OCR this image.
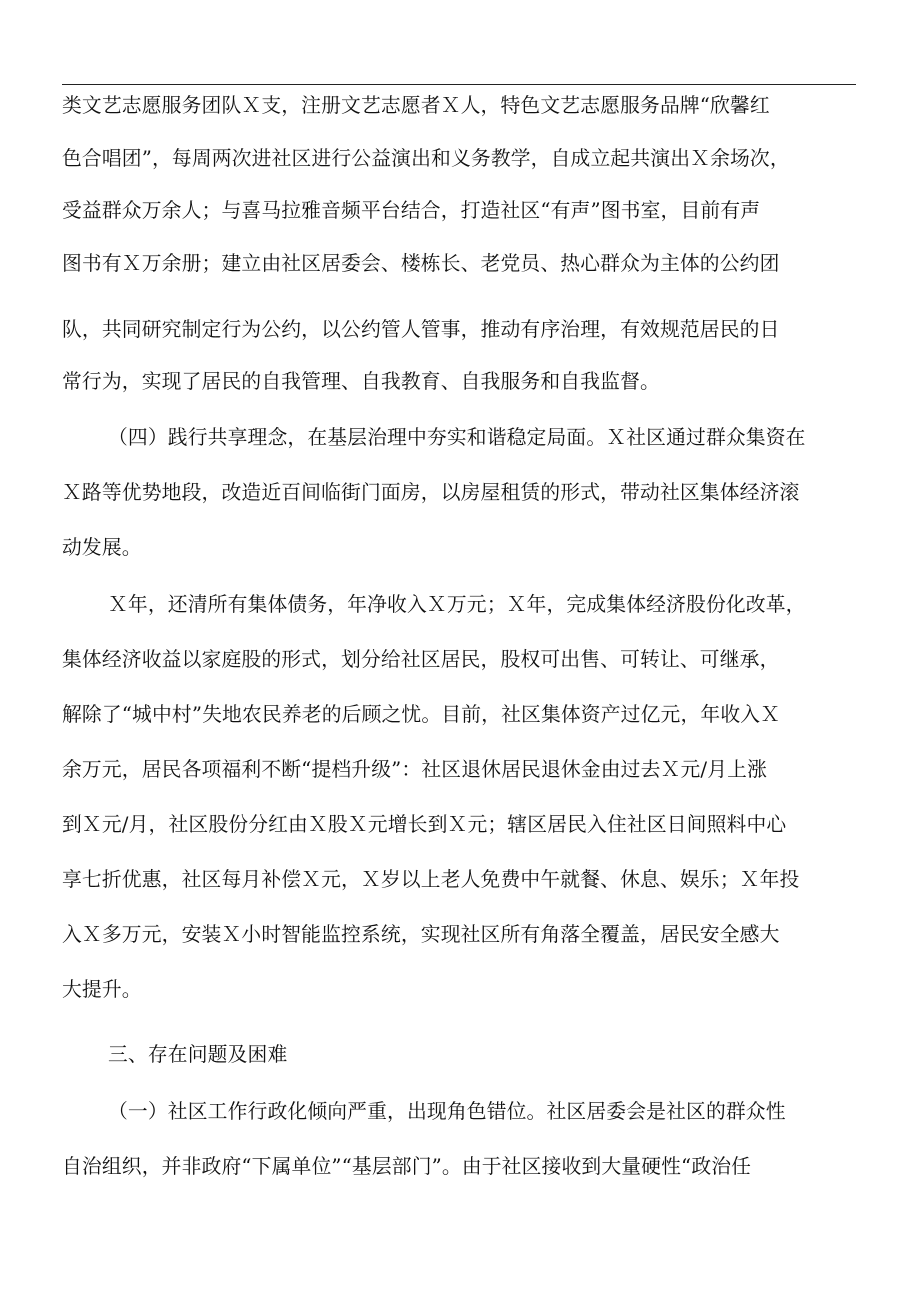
类文艺志愿服务团队Ｘ支，注册文艺志愿者Ｘ人，特色文艺志愿服务品牌“欣馨红
色合唱团”，每周两次进社区进行公益演出和义务教学，自成立起共演出Ｘ余场次，
受益群众万余人；与喜马拉雅音频平台结合，打造社区“有声”图书室，目前有声
图书有Ｘ万余册；建立由社区居委会、楼栋长、老党员、热心群众为主体的公约团
队，共同研究制定行为公约，以公约管人管事，推动有序治理，有效规范居民的日
常行为，实现了居民的自我管理、自我教育、自我服务和自我监督。
（四）践行共享理念，在基层治理中夯实和谐稳定局面。Ｘ社区通过群众集资在
Ｘ路等优势地段，改造近百间临街门面房，以房屋租赁的形式，带动社区集体经济滚
动发展。
Ｘ年，还清所有集体债务，年净收入Ｘ万元；Ｘ年，完成集体经济股份化改革，
集体经济收益以家庭股的形式，划分给社区居民，股权可出售、可转让、可继承，
解除了“城中村”失地农民养老的后顾之忧。目前，社区集体资产过亿元，年收入Ｘ
余万元，居民各项福利不断“提档升级”：社区退休居民退休金由过去Ｘ元/月上涨
到Ｘ元/月，社区股份分红由Ｘ股Ｘ元增长到Ｘ元；辖区居民入住社区日间照料中心
享七折优惠，社区每月补偿Ｘ元，Ｘ岁以上老人免费中午就餐、休息、娱乐；Ｘ年投
入Ｘ多万元，安装Ｘ小时智能监控系统，实现社区所有角落全覆盖，居民安全感大
大提升。
三、存在问题及困难
（一）社区工作行政化倾向严重，出现角色错位。社区居委会是社区的群众性
自治组织，并非政府“下属单位”“基层部门”。由于社区接收到大量硬性“政治任
